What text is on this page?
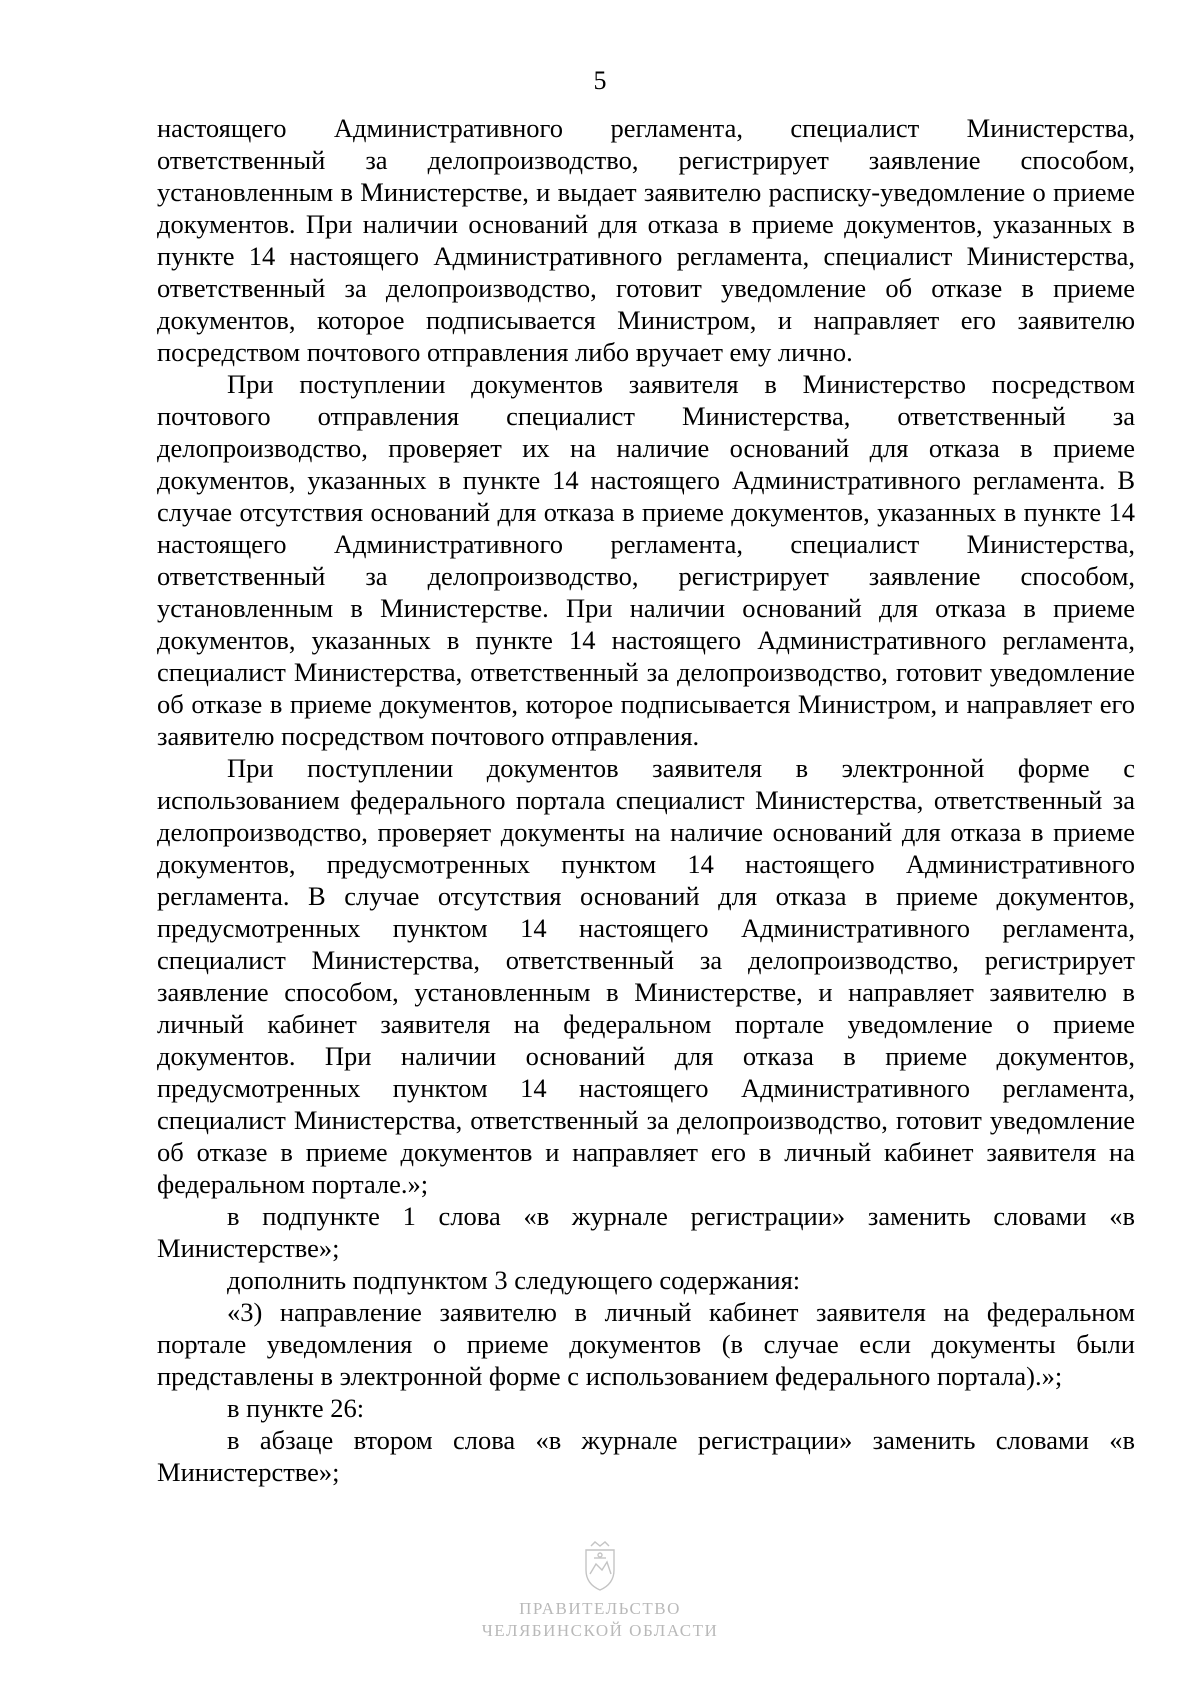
5

настоящего Административного регламента, специалист Министерства, ответственный за делопроизводство, регистрирует заявление способом, установленным в Министерстве, и выдает заявителю расписку-уведомление о приеме документов. При наличии оснований для отказа в приеме документов, указанных в пункте 14 настоящего Административного регламента, специалист Министерства, ответственный за делопроизводство, готовит уведомление об отказе в приеме документов, которое подписывается Министром, и направляет его заявителю посредством почтового отправления либо вручает ему лично.

При поступлении документов заявителя в Министерство посредством почтового отправления специалист Министерства, ответственный за делопроизводство, проверяет их на наличие оснований для отказа в приеме документов, указанных в пункте 14 настоящего Административного регламента. В случае отсутствия оснований для отказа в приеме документов, указанных в пункте 14 настоящего Административного регламента, специалист Министерства, ответственный за делопроизводство, регистрирует заявление способом, установленным в Министерстве. При наличии оснований для отказа в приеме документов, указанных в пункте 14 настоящего Административного регламента, специалист Министерства, ответственный за делопроизводство, готовит уведомление об отказе в приеме документов, которое подписывается Министром, и направляет его заявителю посредством почтового отправления.

При поступлении документов заявителя в электронной форме с использованием федерального портала специалист Министерства, ответственный за делопроизводство, проверяет документы на наличие оснований для отказа в приеме документов, предусмотренных пунктом 14 настоящего Административного регламента. В случае отсутствия оснований для отказа в приеме документов, предусмотренных пунктом 14 настоящего Административного регламента, специалист Министерства, ответственный за делопроизводство, регистрирует заявление способом, установленным в Министерстве, и направляет заявителю в личный кабинет заявителя на федеральном портале уведомление о приеме документов. При наличии оснований для отказа в приеме документов, предусмотренных пунктом 14 настоящего Административного регламента, специалист Министерства, ответственный за делопроизводство, готовит уведомление об отказе в приеме документов и направляет его в личный кабинет заявителя на федеральном портале.»;

в подпункте 1 слова «в журнале регистрации» заменить словами «в Министерстве»;

дополнить подпунктом 3 следующего содержания:

«3) направление заявителю в личный кабинет заявителя на федеральном портале уведомления о приеме документов (в случае если документы были представлены в электронной форме с использованием федерального портала).»;

в пункте 26:

в абзаце втором слова «в журнале регистрации» заменить словами «в Министерстве»;

ПРАВИТЕЛЬСТВО
ЧЕЛЯБИНСКОЙ ОБЛАСТИ
